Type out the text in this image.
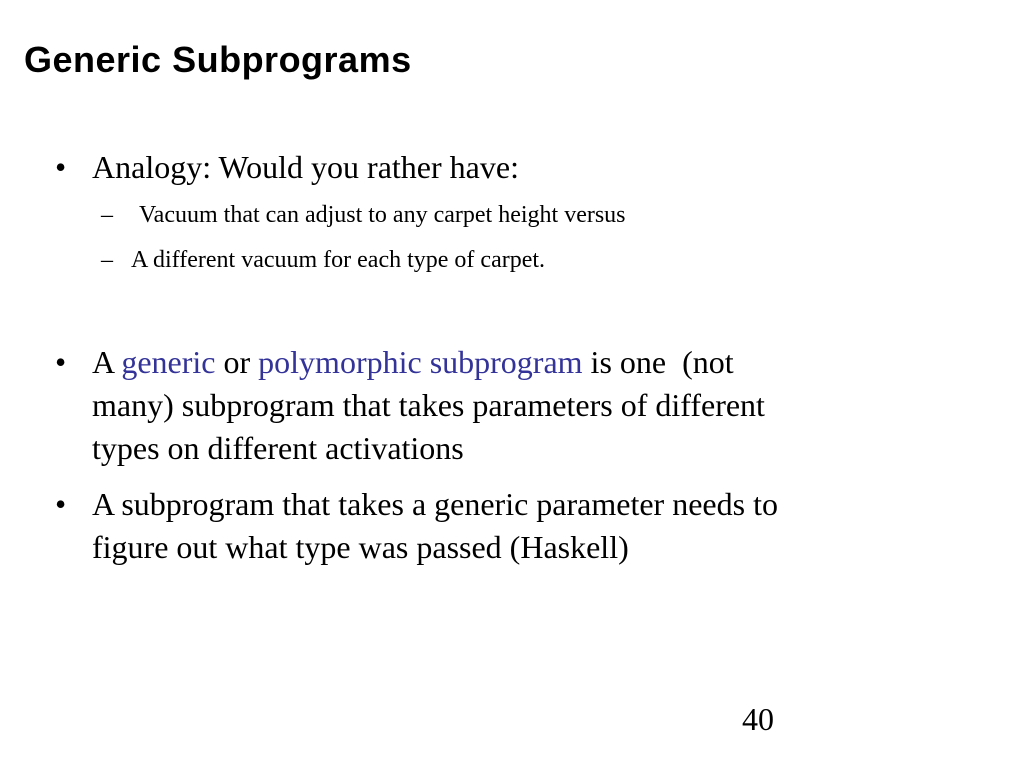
Generic Subprograms
• Analogy: Would you rather have:
– Vacuum that can adjust to any carpet height versus
– A different vacuum for each type of carpet.
• A generic or polymorphic subprogram is one  (not
many) subprogram that takes parameters of different
types on different activations
• A subprogram that takes a generic parameter needs to
figure out what type was passed (Haskell)
40
